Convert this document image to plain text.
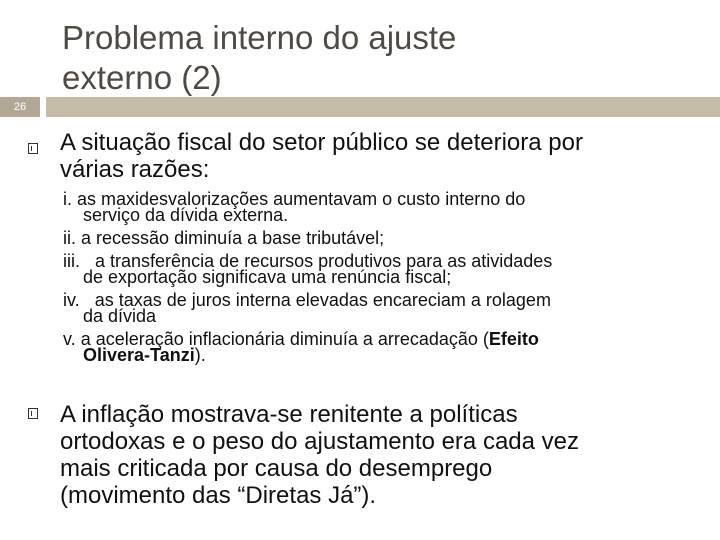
Problema interno do ajuste
externo (2)
26
A situação fiscal do setor público se deteriora por
várias razões:
i. as maxidesvalorizações aumentavam o custo interno do
serviço da dívida externa.
ii. a recessão diminuía a base tributável;
iii. a transferência de recursos produtivos para as atividades
de exportação significava uma renúncia fiscal;
iv. as taxas de juros interna elevadas encareciam a rolagem
da dívida
v. a aceleração inflacionária diminuía a arrecadação (Efeito
Olivera-Tanzi).
A inflação mostrava-se renitente a políticas
ortodoxas e o peso do ajustamento era cada vez
mais criticada por causa do desemprego
(movimento das “Diretas Já”).
